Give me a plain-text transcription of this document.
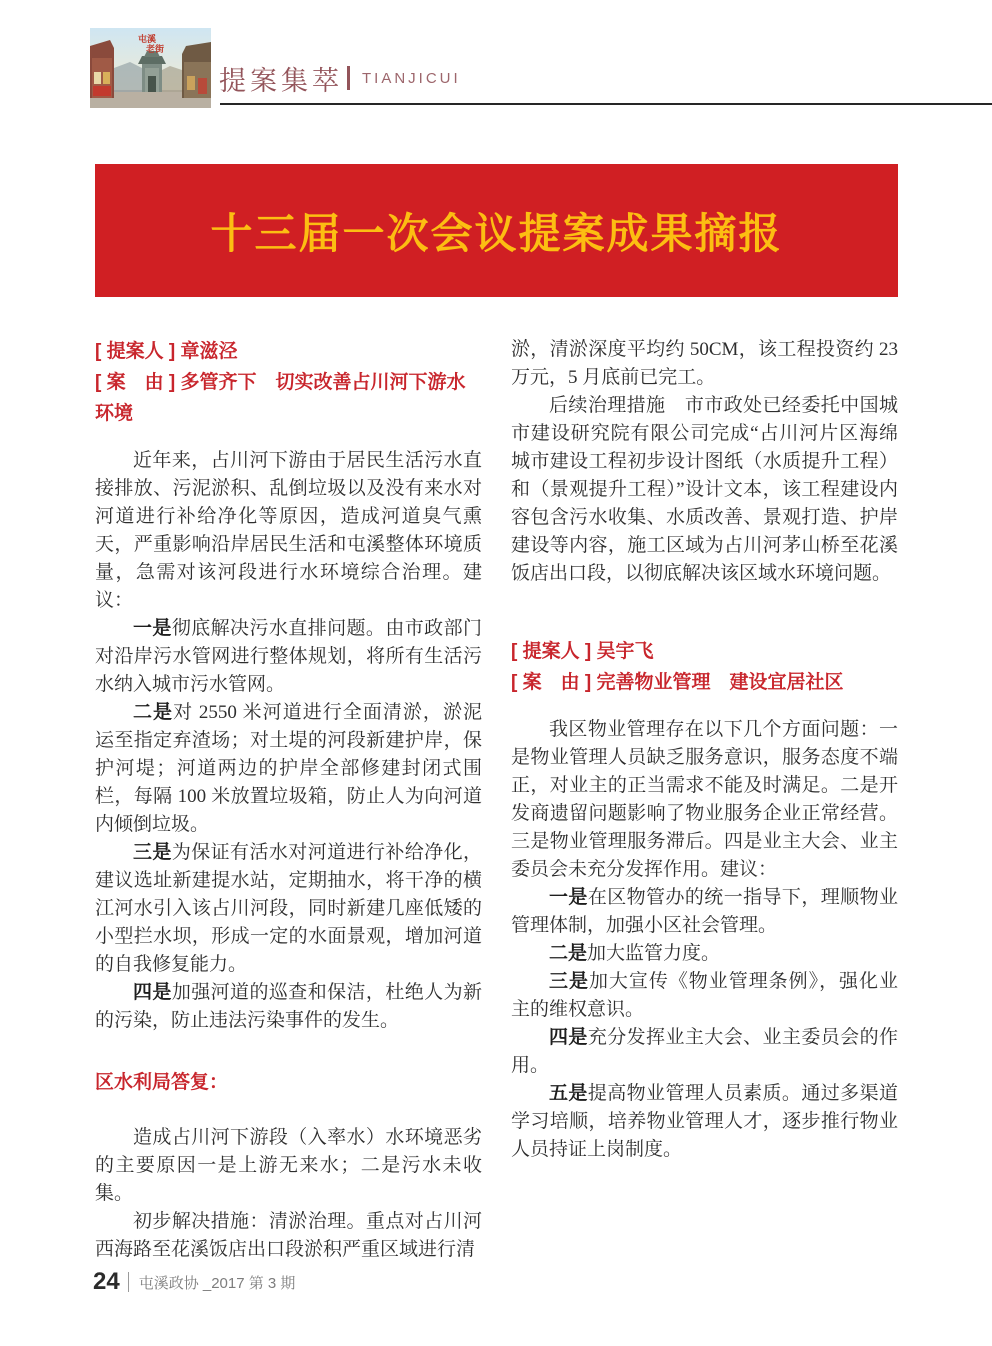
屯溪
老街
提案集萃 TIANJICUI
十三届一次会议提案成果摘报
[ 提案人 ] 章滋泾
[ 案　由 ] 多管齐下　切实改善占川河下游水环境

近年来，占川河下游由于居民生活污水直接排放、污泥淤积、乱倒垃圾以及没有来水对河道进行补给净化等原因，造成河道臭气熏天，严重影响沿岸居民生活和屯溪整体环境质量，急需对该河段进行水环境综合治理。建议：

一是彻底解决污水直排问题。由市政部门对沿岸污水管网进行整体规划，将所有生活污水纳入城市污水管网。

二是对 2550 米河道进行全面清淤，淤泥运至指定弃渣场；对土堤的河段新建护岸，保护河堤；河道两边的护岸全部修建封闭式围栏，每隔 100 米放置垃圾箱，防止人为向河道内倾倒垃圾。

三是为保证有活水对河道进行补给净化，建议选址新建提水站，定期抽水，将干净的横江河水引入该占川河段，同时新建几座低矮的小型拦水坝，形成一定的水面景观，增加河道的自我修复能力。

四是加强河道的巡查和保洁，杜绝人为新的污染，防止违法污染事件的发生。

区水利局答复：

造成占川河下游段（入率水）水环境恶劣的主要原因一是上游无来水；二是污水未收集。

初步解决措施：清淤治理。重点对占川河西海路至花溪饭店出口段淤积严重区域进行清

淤，清淤深度平均约 50CM，该工程投资约 23 万元，5 月底前已完工。

后续治理措施　市市政处已经委托中国城市建设研究院有限公司完成“占川河片区海绵城市建设工程初步设计图纸（水质提升工程）和（景观提升工程）”设计文本，该工程建设内容包含污水收集、水质改善、景观打造、护岸建设等内容，施工区域为占川河茅山桥至花溪饭店出口段，以彻底解决该区域水环境问题。

[ 提案人 ] 吴宇飞
[ 案　由 ] 完善物业管理　建设宜居社区

我区物业管理存在以下几个方面问题：一是物业管理人员缺乏服务意识，服务态度不端正，对业主的正当需求不能及时满足。二是开发商遗留问题影响了物业服务企业正常经营。三是物业管理服务滞后。四是业主大会、业主委员会未充分发挥作用。建议：

一是在区物管办的统一指导下，理顺物业管理体制，加强小区社会管理。

二是加大监管力度。

三是加大宣传《物业管理条例》，强化业主的维权意识。

四是充分发挥业主大会、业主委员会的作用。

五是提高物业管理人员素质。通过多渠道学习培顺，培养物业管理人才，逐步推行物业人员持证上岗制度。

24 屯溪政协 _2017 第 3 期
